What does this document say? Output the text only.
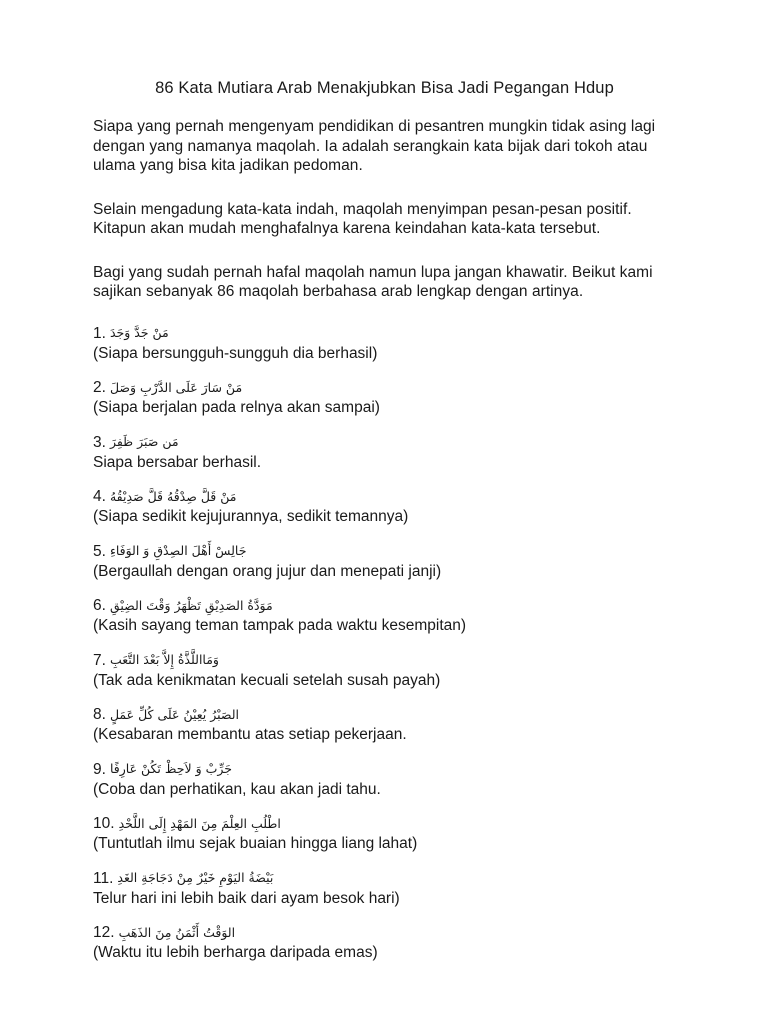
86 Kata Mutiara Arab Menakjubkan Bisa Jadi Pegangan Hdup

Siapa yang pernah mengenyam pendidikan di pesantren mungkin tidak asing lagi dengan yang namanya maqolah. Ia adalah serangkain kata bijak dari tokoh atau ulama yang bisa kita jadikan pedoman.

Selain mengadung kata-kata indah, maqolah menyimpan pesan-pesan positif. Kitapun akan mudah menghafalnya karena keindahan kata-kata tersebut.

Bagi yang sudah pernah hafal maqolah namun lupa jangan khawatir. Beikut kami sajikan sebanyak 86 maqolah berbahasa arab lengkap dengan artinya.

1. مَنْ جَدَّ وَجَدَ
(Siapa bersungguh-sungguh dia berhasil)
2. مَنْ سَارَ عَلَى الدَّرْبِ وَصَلَ
(Siapa berjalan pada relnya akan sampai)
3. مَن صَبَرَ ظَفِرَ
Siapa bersabar berhasil.
4. مَنْ قَلَّ صِدْقُهُ قَلَّ صَدِيْقُهُ
(Siapa sedikit kejujurannya, sedikit temannya)
5. جَالِسْ أَهْلَ الصِدْقِ وَ الوَفَاءِ
(Bergaullah dengan orang jujur dan menepati janji)
6. مَوَدَّةُ الصَدِيْقِ تَظْهَرُ وَقْتَ الضِيْقِ
(Kasih sayang teman tampak pada waktu kesempitan)
7. وَمَااللَّذَّةُ إِلاَّ بَعْدَ التَّعَبِ
(Tak ada kenikmatan kecuali setelah susah payah)
8. الصَبْرُ يُعِيْنُ عَلَى كُلِّ عَمَلٍ
(Kesabaran membantu atas setiap pekerjaan.
9. جَرِّبْ وَ لاَحِظْ تَكُنْ عَارِفًا
(Coba dan perhatikan, kau akan jadi tahu.
10. اطْلُبِ العِلْمَ مِنَ المَهْدِ إِلَى اللَّحْدِ
(Tuntutlah ilmu sejak buaian hingga liang lahat)
11. بَيْضَةُ اليَوْمِ خَيْرٌ مِنْ دَجَاجَةِ الغَدِ
Telur hari ini lebih baik dari ayam besok hari)
12. الوَقْتُ أَثْمَنُ مِنَ الذَهَبِ
(Waktu itu lebih berharga daripada emas)
